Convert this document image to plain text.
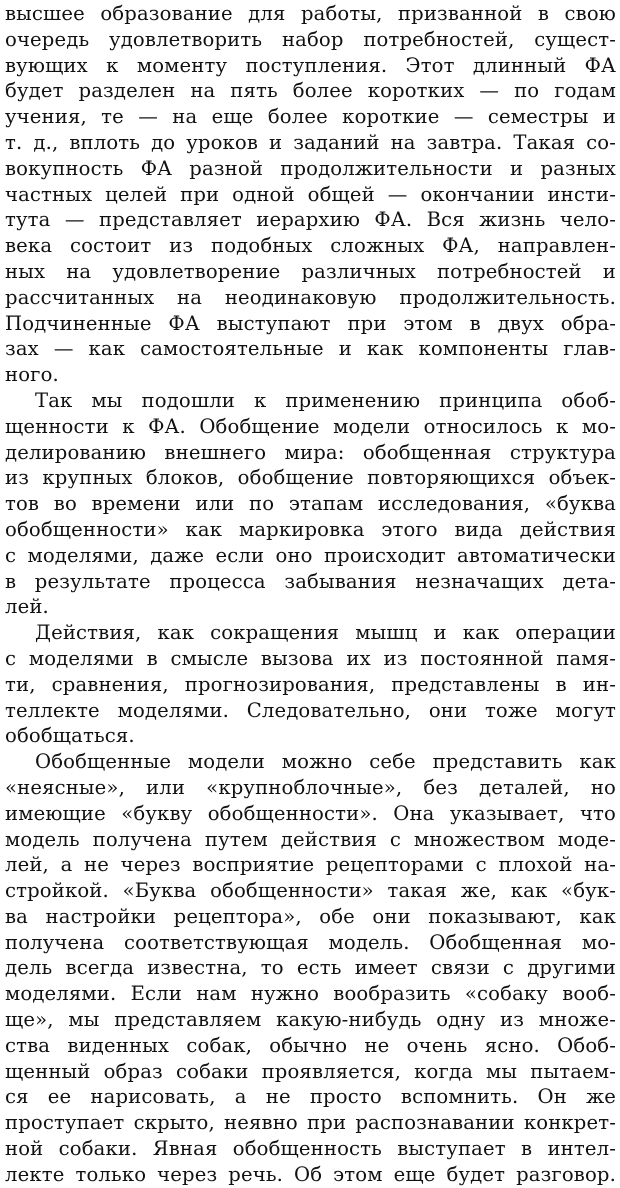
высшее образование для работы, призванной в свою
очередь удовлетворить набор потребностей, сущест-
вующих к моменту поступления. Этот длинный ФА
будет разделен на пять более коротких — по годам
учения, те — на еще более короткие — семестры и
т. д., вплоть до уроков и заданий на завтра. Такая со-
вокупность ФА разной продолжительности и разных
частных целей при одной общей — окончании инсти-
тута — представляет иерархию ФА. Вся жизнь чело-
века состоит из подобных сложных ФА, направлен-
ных на удовлетворение различных потребностей и
рассчитанных на неодинаковую продолжительность.
Подчиненные ФА выступают при этом в двух обра-
зах — как самостоятельные и как компоненты глав-
ного.
Так мы подошли к применению принципа обоб-
щенности к ФА. Обобщение модели относилось к мо-
делированию внешнего мира: обобщенная структура
из крупных блоков, обобщение повторяющихся объек-
тов во времени или по этапам исследования, «буква
обобщенности» как маркировка этого вида действия
с моделями, даже если оно происходит автоматически
в результате процесса забывания незначащих дета-
лей.
Действия, как сокращения мышц и как операции
с моделями в смысле вызова их из постоянной памя-
ти, сравнения, прогнозирования, представлены в ин-
теллекте моделями. Следовательно, они тоже могут
обобщаться.
Обобщенные модели можно себе представить как
«неясные», или «крупноблочные», без деталей, но
имеющие «букву обобщенности». Она указывает, что
модель получена путем действия с множеством моде-
лей, а не через восприятие рецепторами с плохой на-
стройкой. «Буква обобщенности» такая же, как «бук-
ва настройки рецептора», обе они показывают, как
получена соответствующая модель. Обобщенная мо-
дель всегда известна, то есть имеет связи с другими
моделями. Если нам нужно вообразить «собаку вооб-
ще», мы представляем какую-нибудь одну из множе-
ства виденных собак, обычно не очень ясно. Обоб-
щенный образ собаки проявляется, когда мы пытаем-
ся ее нарисовать, а не просто вспомнить. Он же
проступает скрыто, неявно при распознавании конкрет-
ной собаки. Явная обобщенность выступает в интел-
лекте только через речь. Об этом еще будет разговор.
